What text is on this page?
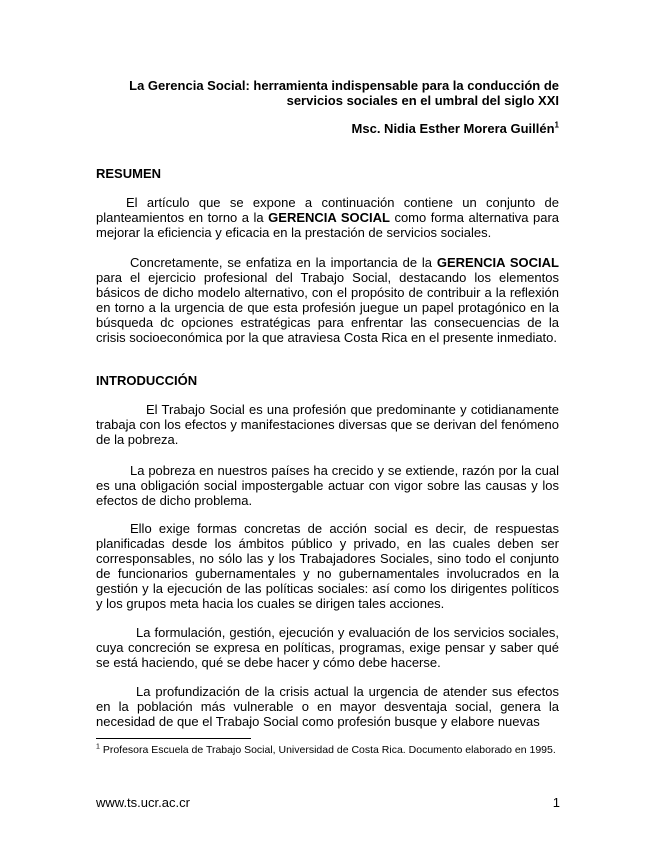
La Gerencia Social: herramienta indispensable para la conducción de
servicios sociales en el umbral del siglo XXI
Msc. Nidia Esther Morera Guillén$^1$
RESUMEN
El artículo que se expone a continuación contiene un conjunto de planteamientos en torno a la GERENCIA SOCIAL como forma alternativa para mejorar la eficiencia y eficacia en la prestación de servicios sociales.
Concretamente, se enfatiza en la importancia de la GERENCIA SOCIAL para el ejercicio profesional del Trabajo Social, destacando los elementos básicos de dicho modelo alternativo, con el propósito de contribuir a la reflexión en torno a la urgencia de que esta profesión juegue un papel protagónico en la búsqueda dc opciones estratégicas para enfrentar las consecuencias de la crisis socioeconómica por la que atraviesa Costa Rica en el presente inmediato.
INTRODUCCIÓN
El Trabajo Social es una profesión que predominante y cotidianamente trabaja con los efectos y manifestaciones diversas que se derivan del fenómeno de la pobreza.
La pobreza en nuestros países ha crecido y se extiende, razón por la cual es una obligación social impostergable actuar con vigor sobre las causas y los efectos de dicho problema.
Ello exige formas concretas de acción social es decir, de respuestas planificadas desde los ámbitos público y privado, en las cuales deben ser corresponsables, no sólo las y los Trabajadores Sociales, sino todo el conjunto de funcionarios gubernamentales y no gubernamentales involucrados en la gestión y la ejecución de las políticas sociales: así como los dirigentes políticos y los grupos meta hacia los cuales se dirigen tales acciones.
La formulación, gestión, ejecución y evaluación de los servicios sociales, cuya concreción se expresa en políticas, programas, exige pensar y saber qué se está haciendo, qué se debe hacer y cómo debe hacerse.
La profundización de la crisis actual la urgencia de atender sus efectos en la población más vulnerable o en mayor desventaja social, genera la necesidad de que el Trabajo Social como profesión busque y elabore nuevas
$^1$ Profesora Escuela de Trabajo Social, Universidad de Costa Rica. Documento elaborado en 1995.
www.ts.ucr.ac.cr	1
